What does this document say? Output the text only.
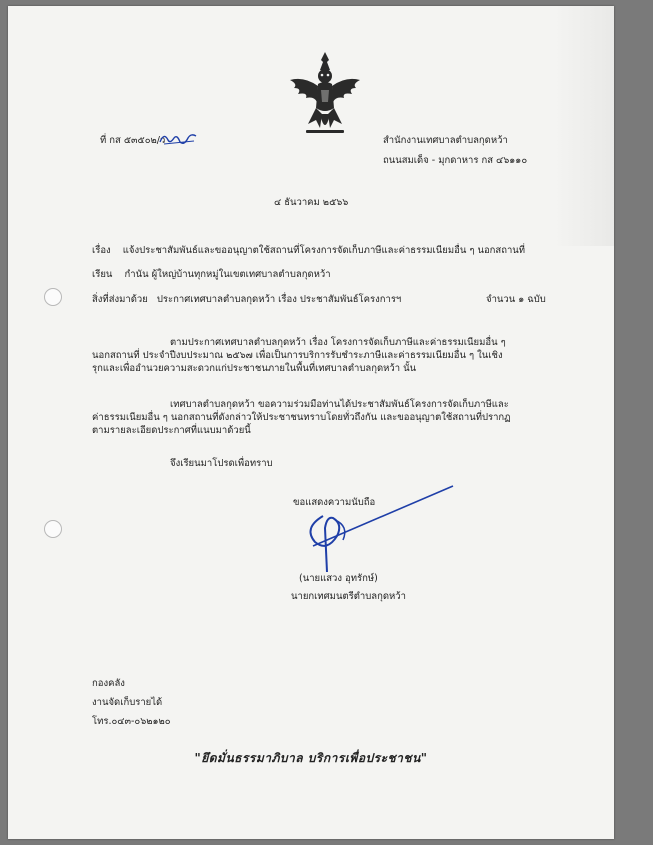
ที่ กส ๕๓๕๐๒/ว	สำนักงานเทศบาลตำบลกุดหว้า
ถนนสมเด็จ - มุกดาหาร กส ๔๖๑๑๐
๔ ธันวาคม ๒๕๖๖
เรื่อง แจ้งประชาสัมพันธ์และขออนุญาตใช้สถานที่โครงการจัดเก็บภาษีและค่าธรรมเนียมอื่น ๆ นอกสถานที่
เรียน กำนัน ผู้ใหญ่บ้านทุกหมู่ในเขตเทศบาลตำบลกุดหว้า
สิ่งที่ส่งมาด้วย ประกาศเทศบาลตำบลกุดหว้า เรื่อง ประชาสัมพันธ์โครงการฯ	จำนวน ๑ ฉบับ
ตามประกาศเทศบาลตำบลกุดหว้า เรื่อง โครงการจัดเก็บภาษีและค่าธรรมเนียมอื่น ๆ นอกสถานที่ ประจำปีงบประมาณ ๒๕๖๗ เพื่อเป็นการบริการรับชำระภาษีและค่าธรรมเนียมอื่น ๆ ในเชิงรุกและเพื่ออำนวยความสะดวกแก่ประชาชนภายในพื้นที่เทศบาลตำบลกุดหว้า นั้น
เทศบาลตำบลกุดหว้า ขอความร่วมมือท่านได้ประชาสัมพันธ์โครงการจัดเก็บภาษีและค่าธรรมเนียมอื่น ๆ นอกสถานที่ดังกล่าวให้ประชาชนทราบโดยทั่วถึงกัน และขออนุญาตใช้สถานที่ปรากฏตามรายละเอียดประกาศที่แนบมาด้วยนี้
จึงเรียนมาโปรดเพื่อทราบ
ขอแสดงความนับถือ
(นายแสวง อุทรักษ์)
นายกเทศมนตรีตำบลกุดหว้า
กองคลัง
งานจัดเก็บรายได้
โทร.๐๔๓-๐๖๒๑๒๐
"ยึดมั่นธรรมาภิบาล บริการเพื่อประชาชน"
